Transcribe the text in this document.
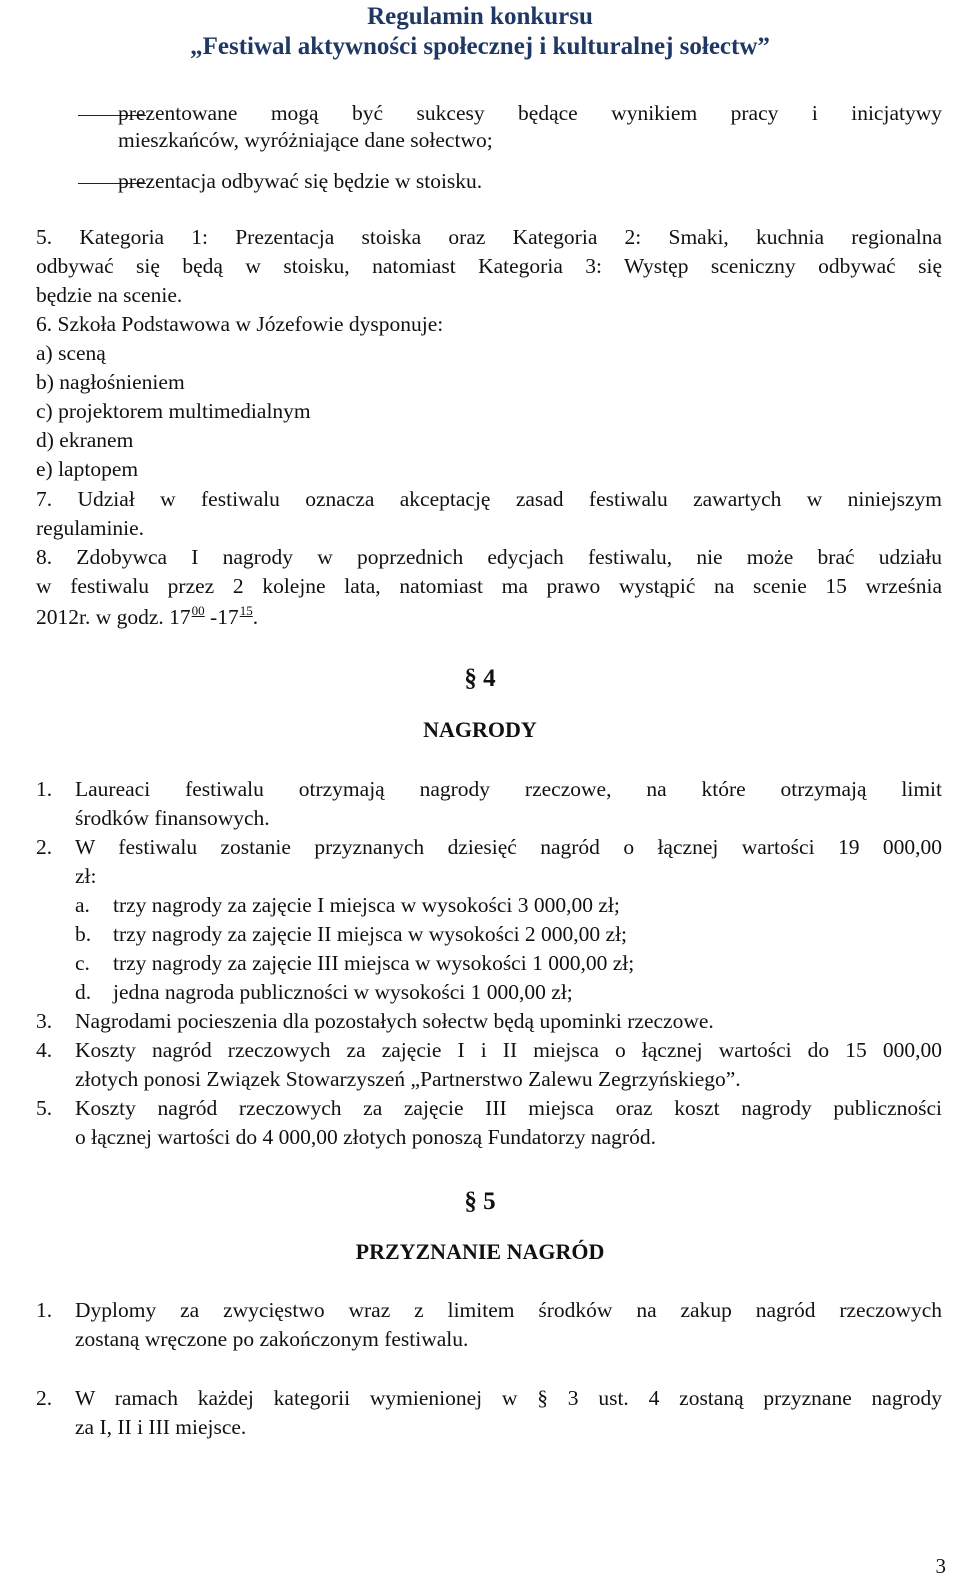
Regulamin konkursu
„Festiwal aktywności społecznej i kulturalnej sołectw”

prezentowane mogą być sukcesy będące wynikiem pracy i inicjatywy

mieszkańców, wyróżniające dane sołectwo;

prezentacja odbywać się będzie w stoisku.

5. Kategoria 1: Prezentacja stoiska oraz Kategoria 2: Smaki, kuchnia regionalna

odbywać się będą w stoisku, natomiast Kategoria 3: Występ sceniczny odbywać się

będzie na scenie.

6. Szkoła Podstawowa w Józefowie dysponuje:

a) sceną

b) nagłośnieniem

c) projektorem multimedialnym

d) ekranem

e) laptopem

7. Udział w festiwalu oznacza akceptację zasad festiwalu zawartych w niniejszym

regulaminie.

8. Zdobywca I nagrody w poprzednich edycjach festiwalu, nie może brać udziału

w festiwalu przez 2 kolejne lata, natomiast ma prawo wystąpić na scenie 15 września

2012r. w godz. $17^{00}$ $-17^{15}$.

§ 4
NAGRODY
1. Laureaci festiwalu otrzymają nagrody rzeczowe, na które otrzymają limit

środków finansowych.

2. W festiwalu zostanie przyznanych dziesięć nagród o łącznej wartości 19 000,00

zł:

a. trzy nagrody za zajęcie I miejsca w wysokości 3 000,00 zł;

b. trzy nagrody za zajęcie II miejsca w wysokości 2 000,00 zł;

c. trzy nagrody za zajęcie III miejsca w wysokości 1 000,00 zł;

d. jedna nagroda publiczności w wysokości 1 000,00 zł;

3. Nagrodami pocieszenia dla pozostałych sołectw będą upominki rzeczowe.

4. Koszty nagród rzeczowych za zajęcie I i II miejsca o łącznej wartości do 15 000,00

złotych ponosi Związek Stowarzyszeń „Partnerstwo Zalewu Zegrzyńskiego”.

5. Koszty nagród rzeczowych za zajęcie III miejsca oraz koszt nagrody publiczności

o łącznej wartości do 4 000,00 złotych ponoszą Fundatorzy nagród.

§ 5
PRZYZNANIE NAGRÓD
1. Dyplomy za zwycięstwo wraz z limitem środków na zakup nagród rzeczowych

zostaną wręczone po zakończonym festiwalu.

2. W ramach każdej kategorii wymienionej w § 3 ust. 4 zostaną przyznane nagrody

za I, II i III miejsce.

3
